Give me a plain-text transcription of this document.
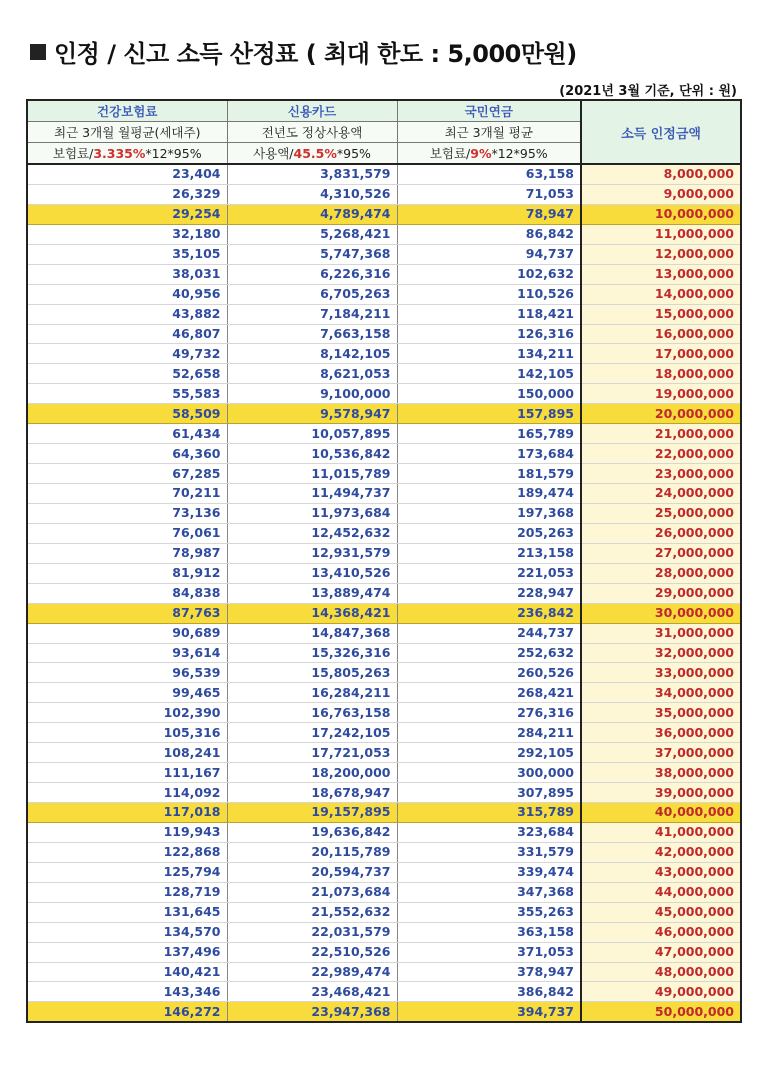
인정 / 신고 소득 산정표 ( 최대 한도 : 5,000만원)
(2021년 3월 기준, 단위 : 원)
건강보험료	신용카드	국민연금	소득 인정금액
최근 3개월 월평균(세대주)	전년도 정상사용액	최근 3개월 평균	
보험료/3.335%*12*95%	사용액/45.5%*95%	보험료/9%*12*95%	
23,404	3,831,579	63,158	8,000,000
26,329	4,310,526	71,053	9,000,000
29,254	4,789,474	78,947	10,000,000
32,180	5,268,421	86,842	11,000,000
35,105	5,747,368	94,737	12,000,000
38,031	6,226,316	102,632	13,000,000
40,956	6,705,263	110,526	14,000,000
43,882	7,184,211	118,421	15,000,000
46,807	7,663,158	126,316	16,000,000
49,732	8,142,105	134,211	17,000,000
52,658	8,621,053	142,105	18,000,000
55,583	9,100,000	150,000	19,000,000
58,509	9,578,947	157,895	20,000,000
61,434	10,057,895	165,789	21,000,000
64,360	10,536,842	173,684	22,000,000
67,285	11,015,789	181,579	23,000,000
70,211	11,494,737	189,474	24,000,000
73,136	11,973,684	197,368	25,000,000
76,061	12,452,632	205,263	26,000,000
78,987	12,931,579	213,158	27,000,000
81,912	13,410,526	221,053	28,000,000
84,838	13,889,474	228,947	29,000,000
87,763	14,368,421	236,842	30,000,000
90,689	14,847,368	244,737	31,000,000
93,614	15,326,316	252,632	32,000,000
96,539	15,805,263	260,526	33,000,000
99,465	16,284,211	268,421	34,000,000
102,390	16,763,158	276,316	35,000,000
105,316	17,242,105	284,211	36,000,000
108,241	17,721,053	292,105	37,000,000
111,167	18,200,000	300,000	38,000,000
114,092	18,678,947	307,895	39,000,000
117,018	19,157,895	315,789	40,000,000
119,943	19,636,842	323,684	41,000,000
122,868	20,115,789	331,579	42,000,000
125,794	20,594,737	339,474	43,000,000
128,719	21,073,684	347,368	44,000,000
131,645	21,552,632	355,263	45,000,000
134,570	22,031,579	363,158	46,000,000
137,496	22,510,526	371,053	47,000,000
140,421	22,989,474	378,947	48,000,000
143,346	23,468,421	386,842	49,000,000
146,272	23,947,368	394,737	50,000,000
